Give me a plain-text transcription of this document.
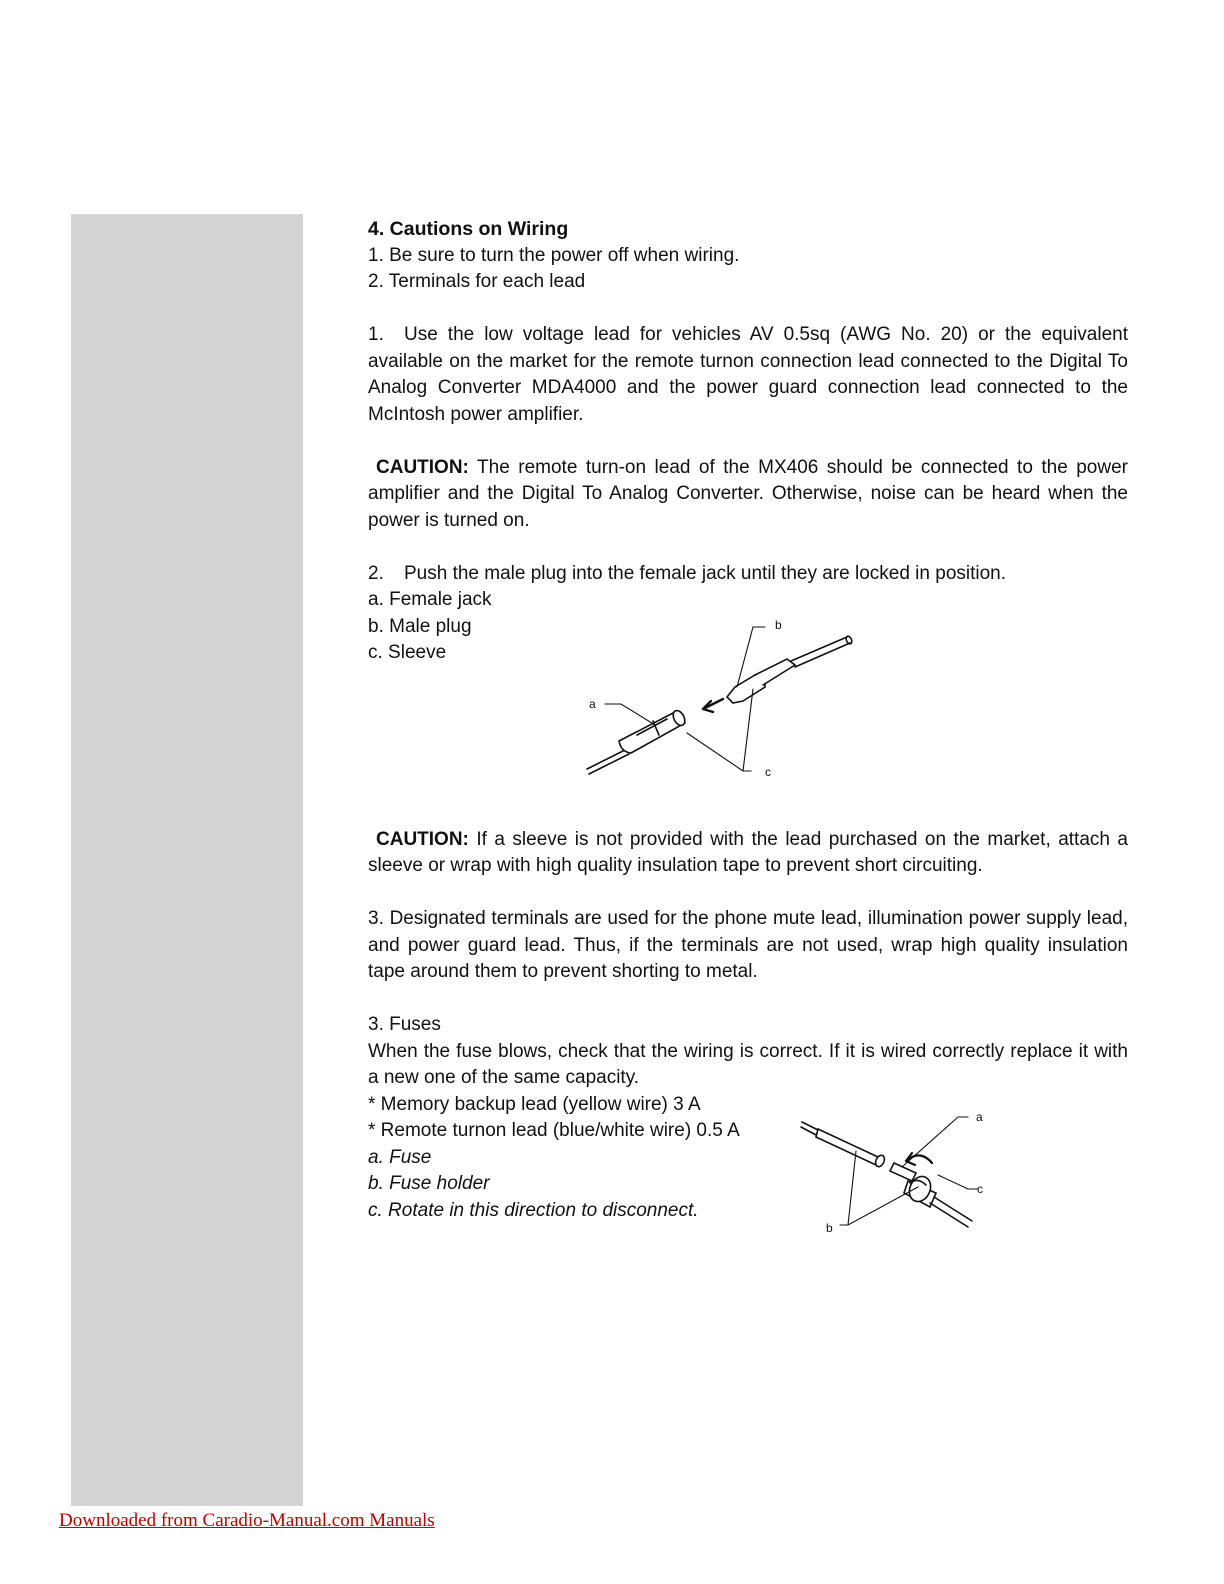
4. Cautions on Wiring

1. Be sure to turn the power off when wiring.

2. Terminals for each lead

1. Use the low voltage lead for vehicles AV 0.5sq (AWG No. 20) or the equivalent available on the market for the remote turnon connection lead connected to the Digital To Analog Converter MDA4000 and the power guard connection lead connected to the McIntosh power amplifier.

CAUTION: The remote turn-on lead of the MX406 should be connected to the power amplifier and the Digital To Analog Converter. Otherwise, noise can be heard when the power is turned on.

2. Push the male plug into the female jack until they are locked in position.

a. Female jack

b. Male plug

c. Sleeve

CAUTION: If a sleeve is not provided with the lead purchased on the market, attach a sleeve or wrap with high quality insulation tape to prevent short circuiting.

3. Designated terminals are used for the phone mute lead, illumination power supply lead, and power guard lead. Thus, if the terminals are not used, wrap high quality insulation tape around them to prevent shorting to metal.

3. Fuses

When the fuse blows, check that the wiring is correct. If it is wired correctly replace it with a new one of the same capacity.

* Memory backup lead (yellow wire) 3 A

* Remote turnon lead (blue/white wire) 0.5 A

a. Fuse

b. Fuse holder

c. Rotate in this direction to disconnect.

a
b
c
a
b
c
Downloaded from Caradio-Manual.com Manuals
